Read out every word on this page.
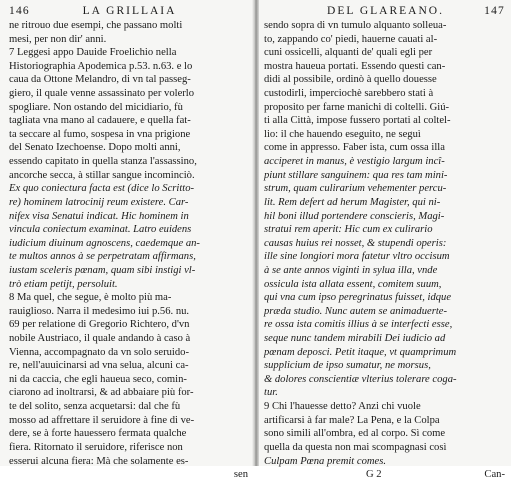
146	LA GRILLAIA
ne ritrouo due esempi, che passano molti
mesi, per non dir' anni.
7 Leggesi appo Dauide Froelichio nella
Historiographia Apodemica p.53. n.63. e lo
caua da Ottone Melandro, di vn tal passeg-
giero, il quale venne assassinato per volerlo
spogliare. Non ostando del micidiario, fù
tagliata vna mano al cadauere, e quella fat-
ta seccare al fumo, sospesa in vna prigione
del Senato Izechoense. Dopo molti anni,
essendo capitato in quella stanza l'assassino,
ancorche secca, à stillar sangue incominciò.
Ex quo coniectura facta est (dice lo Scritto-
re) hominem latrocinij reum existere. Car-
nifex visa Senatui indicat. Hic hominem in
vincula coniectum examinat. Latro euidens
iudicium diuinum agnoscens, caedemque an-
te multos annos à se perpetratam affirmans,
iustam sceleris pœnam, quam sibi instigi vl-
trò etiam petijt, persoluit.
8 Ma quel, che segue, è molto più ma-
rauiglioso. Narra il medesimo iui p.56. nu.
69 per relatione di Gregorio Richtero, d'vn
nobile Austriaco, il quale andando à caso à
Vienna, accompagnato da vn solo seruido-
re, nell'auuicinarsi ad vna selua, alcuni ca-
ni da caccia, che egli haueua seco, comin-
ciarono ad inoltrarsi, & ad abbaiare più for-
te del solito, senza acquetarsi: dal che fù
mosso ad affrettare il seruidore à fine di ve-
dere, se à forte hauessero fermata qualche
fiera. Ritornato il seruidore, riferisce non
esserui alcuna fiera: Mà che solamente es-
sen
DEL GLAREANO.	147
sendo sopra di vn tumulo alquanto solleua-
to, zappando co' piedi, hauerne cauati al-
cuni ossicelli, alquanti de' quali egli per
mostra haueua portati. Essendo questi can-
didi al possibile, ordinò à quello douesse
custodirli, imperciochè sarebbero stati à
proposito per farne manichi di coltelli. Giú-
ti alla Città, impose fussero portati al coltel-
lio: il che hauendo eseguito, ne seguì
come in appresso. Faber ista, cum ossa illa
acciperet in manus, è vestigio largum incî-
piunt stillare sanguinem: qua res tam mini-
strum, quam culirarium vehementer percu-
lit. Rem defert ad herum Magister, qui ni-
hil boni illud portendere conscieris, Magi-
stratui rem aperit: Hic cum ex culirario
causas huius rei nosset, & stupendi operis:
ille sine longiori mora fatetur vltro occisum
à se ante annos viginti in sylua illa, vnde
ossicula ista allata essent, comitem suum,
qui vna cum ipso peregrinatus fuisset, idque
præda studio. Nunc autem se animaduerte-
re ossa ista comitis illius à se interfecti esse,
seque nunc tandem mirabili Dei iudicio ad
pœnam deposci. Petit itaque, vt quamprimum
supplicium de ipso sumatur, ne morsus,
& dolores conscientiæ vlterius tolerare coga-
tur.
9 Chi l'hauesse detto? Anzi chi vuole
artificarsi à far male? La Pena, e la Colpa
sono simili all'ombra, ed al corpo. Sì come
quella da questa non mai scompagnasi così
Culpam Pœna premit comes.
G 2	Can-
